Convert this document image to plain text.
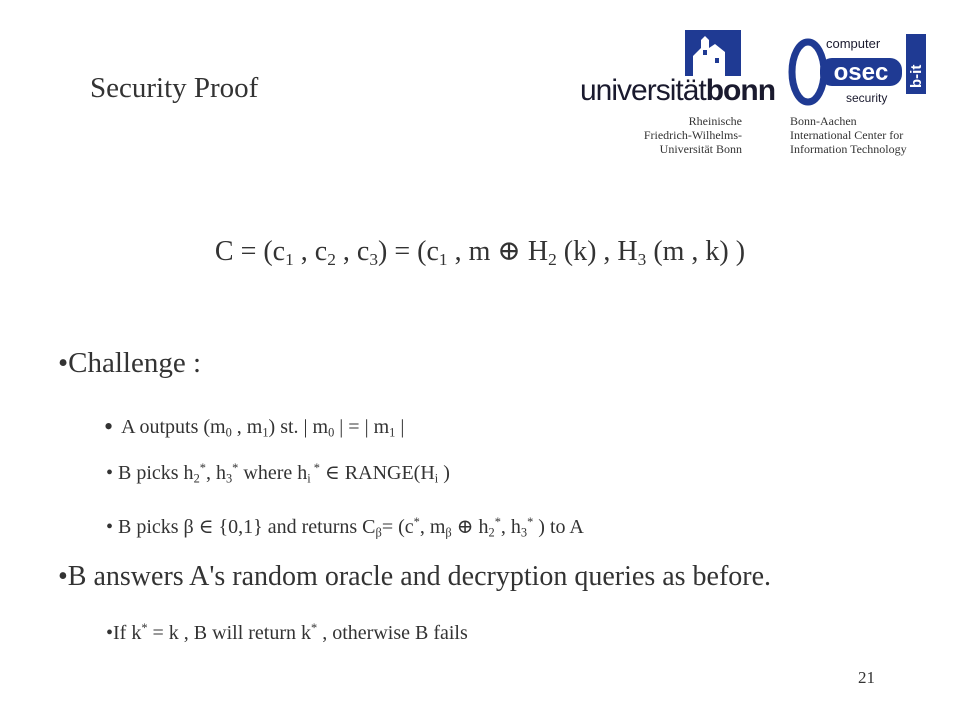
universitätbonn
Rheinische
Friedrich-Wilhelms-
Universität Bonn
osec
computer
security
b-it
Bonn-Aachen
International Center for
Information Technology
Security Proof
$C = (c_1$ , $c_2$ , $c_3) = (c_1$ , m ⊕ $H_2$ (k) , $H_3$ (m , k) )
•Challenge :
• A outputs ($m_0$ , $m_1$) st. | $m_0$ | = | $m_1$ |
• B picks $h_2^*$, $h_3^*$ where $h_i$ * ∈ $RANGE(H_i$ )
• B picks β ∈ {0,1} and returns $C_\beta= (c^*$, $m_\beta$ ⊕ $h_2^*$, $h_3^*$ ) to A
•B answers A's random oracle and decryption queries as before.
•If k* = k , B will return k* , otherwise B fails
21
